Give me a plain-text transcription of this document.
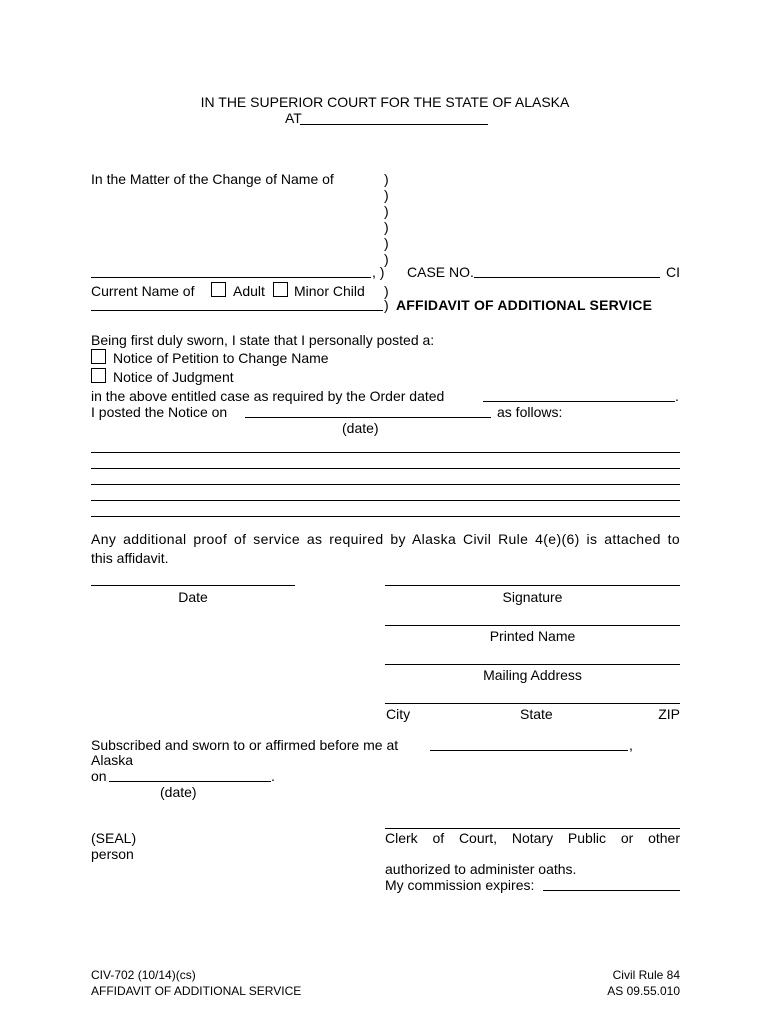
IN THE SUPERIOR COURT FOR THE STATE OF ALASKA
AT
In the Matter of the Change of Name of	)
)
)
)
)
)
, ) CASE NO.	CI
Current Name of	Adult Minor Child )
) AFFIDAVIT OF ADDITIONAL SERVICE
Being first duly sworn, I state that I personally posted a:
Notice of Petition to Change Name
Notice of Judgment
in the above entitled case as required by the Order dated	.
I posted the Notice on	as follows:
(date)
Any additional proof of service as required by Alaska Civil Rule 4(e)(6) is attached to
this affidavit.
Date	Signature
Printed Name
Mailing Address
City	State	ZIP
Subscribed and sworn to or affirmed before me at	,
Alaska
on	.
(date)
(SEAL)
person
Clerk of Court, Notary Public or other
authorized to administer oaths.
My commission expires:
CIV-702 (10/14)(cs)
AFFIDAVIT OF ADDITIONAL SERVICE
Civil Rule 84
AS 09.55.010
